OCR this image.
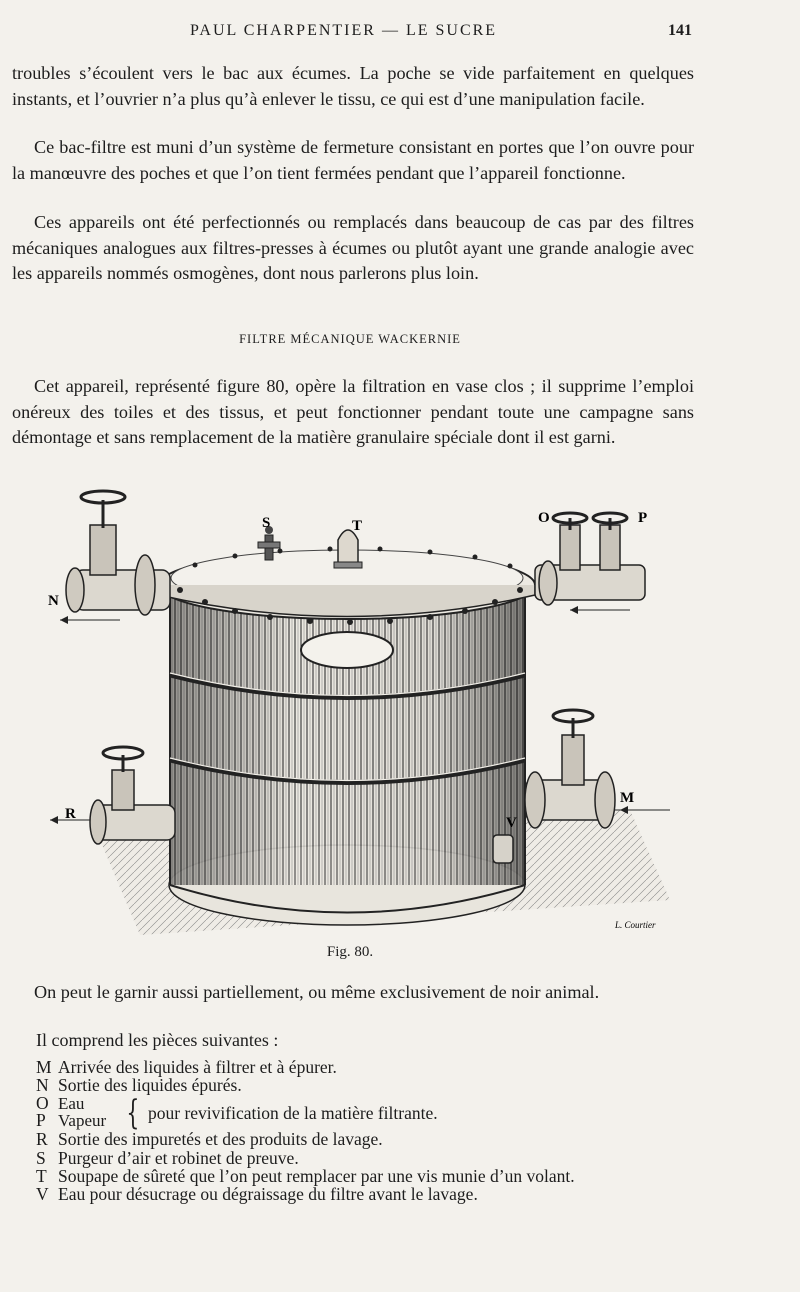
PAUL CHARPENTIER — LE SUCRE	141
troubles s’écoulent vers le bac aux écumes. La poche se vide parfaitement en quelques instants, et l’ouvrier n’a plus qu’à enlever le tissu, ce qui est d’une manipulation facile.
Ce bac-filtre est muni d’un système de fermeture consistant en portes que l’on ouvre pour la manœuvre des poches et que l’on tient fermées pendant que l’appareil fonctionne.
Ces appareils ont été perfectionnés ou remplacés dans beaucoup de cas par des filtres mécaniques analogues aux filtres-presses à écumes ou plutôt ayant une grande analogie avec les appareils nommés osmogènes, dont nous parlerons plus loin.
FILTRE MÉCANIQUE WACKERNIE
Cet appareil, représenté figure 80, opère la filtration en vase clos ; il supprime l’emploi onéreux des toiles et des tissus, et peut fonctionner pendant toute une campagne sans démontage et sans remplacement de la matière granulaire spéciale dont il est garni.
N
S	T	O	P
R
M
V
L. Courtier
Fig. 80.
On peut le garnir aussi partiellement, ou même exclusivement de noir animal.
Il comprend les pièces suivantes :
M Arrivée des liquides à filtrer et à épurer.
N Sortie des liquides épurés.
O Eau
P Vapeur { pour revivification de la matière filtrante.
R Sortie des impuretés et des produits de lavage.
S Purgeur d’air et robinet de preuve.
T Soupape de sûreté que l’on peut remplacer par une vis munie d’un volant.
V Eau pour désucrage ou dégraissage du filtre avant le lavage.
